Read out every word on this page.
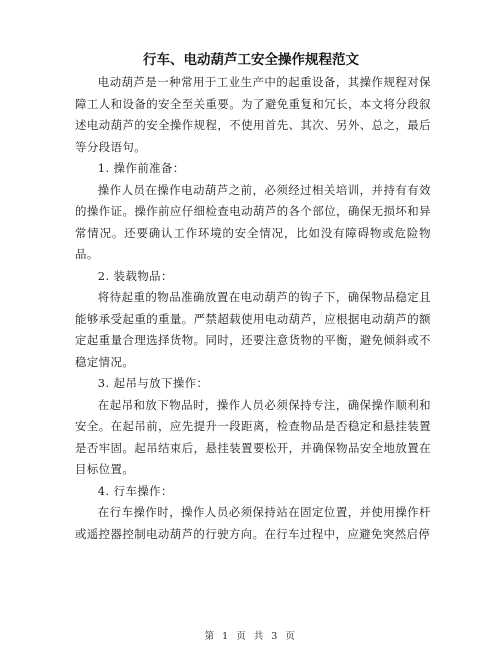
行车、电动葫芦工安全操作规程范文

电动葫芦是一种常用于工业生产中的起重设备，其操作规程对保障工人和设备的安全至关重要。为了避免重复和冗长，本文将分段叙述电动葫芦的安全操作规程，不使用首先、其次、另外、总之，最后等分段语句。

1. 操作前准备：

操作人员在操作电动葫芦之前，必须经过相关培训，并持有有效的操作证。操作前应仔细检查电动葫芦的各个部位，确保无损坏和异常情况。还要确认工作环境的安全情况，比如没有障碍物或危险物品。

2. 装载物品：

将待起重的物品准确放置在电动葫芦的钩子下，确保物品稳定且能够承受起重的重量。严禁超载使用电动葫芦，应根据电动葫芦的额定起重量合理选择货物。同时，还要注意货物的平衡，避免倾斜或不稳定情况。

3. 起吊与放下操作：

在起吊和放下物品时，操作人员必须保持专注，确保操作顺利和安全。在起吊前，应先提升一段距离，检查物品是否稳定和悬挂装置是否牢固。起吊结束后，悬挂装置要松开，并确保物品安全地放置在目标位置。

4. 行车操作：

在行车操作时，操作人员必须保持站在固定位置，并使用操作杆或遥控器控制电动葫芦的行驶方向。在行车过程中，应避免突然启停

第 1 页 共 3 页
